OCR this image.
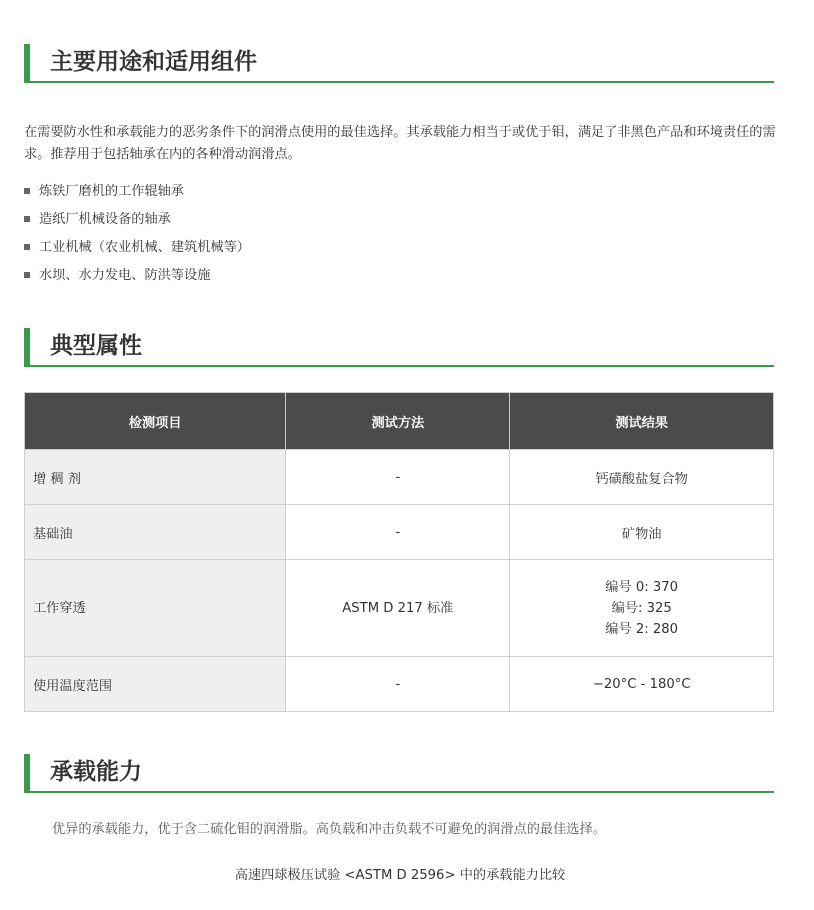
主要用途和适用组件

在需要防水性和承载能力的恶劣条件下的润滑点使用的最佳选择。其承载能力相当于或优于钼，满足了非黑色产品和环境责任的需求。推荐用于包括轴承在内的各种滑动润滑点。

炼铁厂磨机的工作辊轴承
造纸厂机械设备的轴承
工业机械（农业机械、建筑机械等）
水坝、水力发电、防洪等设施
典型属性
检测项目	测试方法	测试结果
增 稠 剂	-	钙磺酸盐复合物
基础油	-	矿物油
工作穿透	ASTM D 217 标准	编号 0: 370
编号: 325
编号 2: 280

使用温度范围	-	−20°C - 180°C
承载能力
优异的承载能力，优于含二硫化钼的润滑脂。高负载和冲击负载不可避免的润滑点的最佳选择。
高速四球极压试验 <ASTM D 2596> 中的承载能力比较
